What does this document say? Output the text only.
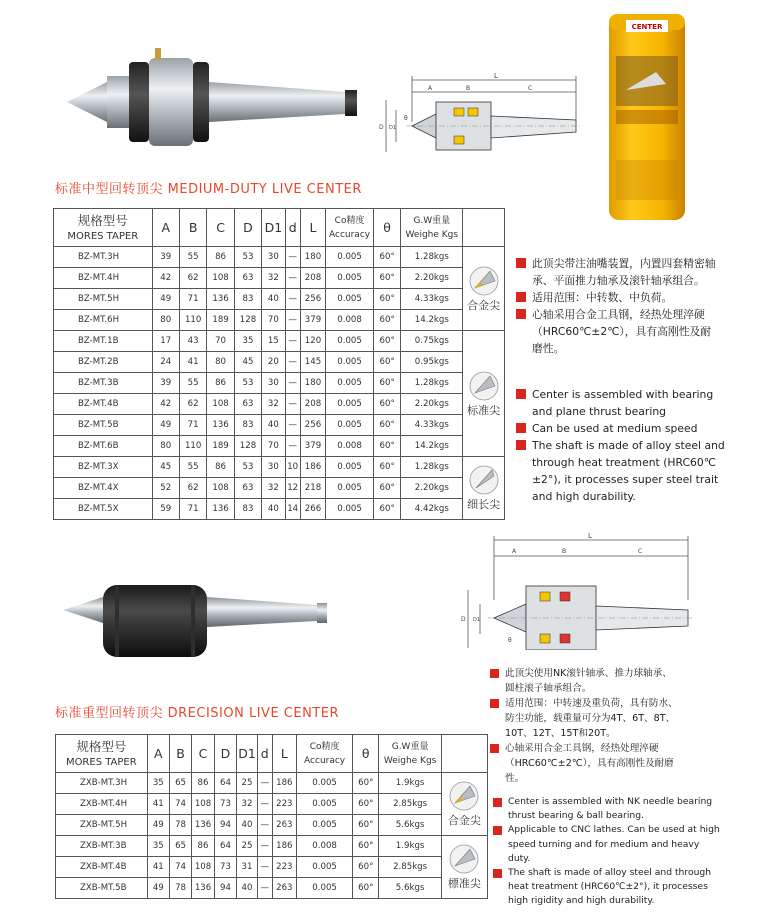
L
A	B	C
D D1
θ
CENTER
标准中型回转顶尖 MEDIUM-DUTY LIVE CENTER
规格型号
MORES TAPER	A	B	C	D	D1	d	L	Co精度
Accuracy	θ	G.W重量
Weighe Kgs	

BZ-MT.3H	39	55	86	53	30	—	180	0.005	60°	1.28kgs	合金尖

BZ-MT.4H	42	62	108	63	32	—	208	0.005	60°	2.20kgs	
BZ-MT.5H	49	71	136	83	40	—	256	0.005	60°	4.33kgs	
BZ-MT.6H	80	110	189	128	70	—	379	0.008	60°	14.2kgs	
BZ-MT.1B	17	43	70	35	15	—	120	0.005	60°	0.75kgs	标准尖

BZ-MT.2B	24	41	80	45	20	—	145	0.005	60°	0.95kgs	
BZ-MT.3B	39	55	86	53	30	—	180	0.005	60°	1.28kgs	
BZ-MT.4B	42	62	108	63	32	—	208	0.005	60°	2.20kgs	
BZ-MT.5B	49	71	136	83	40	—	256	0.005	60°	4.33kgs	
BZ-MT.6B	80	110	189	128	70	—	379	0.008	60°	14.2kgs	
BZ-MT.3X	45	55	86	53	30	10	186	0.005	60°	1.28kgs	细长尖

BZ-MT.4X	52	62	108	63	32	12	218	0.005	60°	2.20kgs	
BZ-MT.5X	59	71	136	83	40	14	266	0.005	60°	4.42kgs	
此顶尖带注油嘴装置，内置四套精密轴承、平面推力轴承及滚针轴承组合。
适用范围：中转数、中负荷。
心轴采用合金工具钢，经热处理淬硬（HRC60℃±2℃），具有高刚性及耐磨性。
Center is assembled with bearing and plane thrust bearing
Can be used at medium speed
The shaft is made of alloy steel and through heat treatment (HRC60℃±2°), it processes super steel trait and high durability.
L
A	B	C
D D1
θ
标准重型回转顶尖 DRECISION LIVE CENTER
规格型号
MORES TAPER	A	B	C	D	D1	d	L	Co精度
Accuracy	θ	G.W重量
Weighe Kgs	

ZXB-MT.3H	35	65	86	64	25	—	186	0.005	60°	1.9kgs	合金尖

ZXB-MT.4H	41	74	108	73	32	—	223	0.005	60°	2.85kgs	
ZXB-MT.5H	49	78	136	94	40	—	263	0.005	60°	5.6kgs	
ZXB-MT.3B	35	65	86	64	25	—	186	0.008	60°	1.9kgs	標准尖

ZXB-MT.4B	41	74	108	73	31	—	223	0.005	60°	2.85kgs	
ZXB-MT.5B	49	78	136	94	40	—	263	0.005	60°	5.6kgs	
此顶尖使用NK滚针轴承、推力球轴承、圆柱滚子轴承组合。
适用范围：中转速及重负荷，具有防水、防尘功能，载重量可分为4T、6T、8T、10T、12T、15T和20T。
心轴采用合金工具钢，经热处理淬硬（HRC60℃±2℃），具有高刚性及耐磨性。
Center is assembled with NK needle bearing thrust bearing & ball bearing.
Applicable to CNC lathes. Can be used at high speed turning and for medium and heavy duty.
The shaft is made of alloy steel and through heat treatment (HRC60℃±2°), it processes high rigidity and high durability.
